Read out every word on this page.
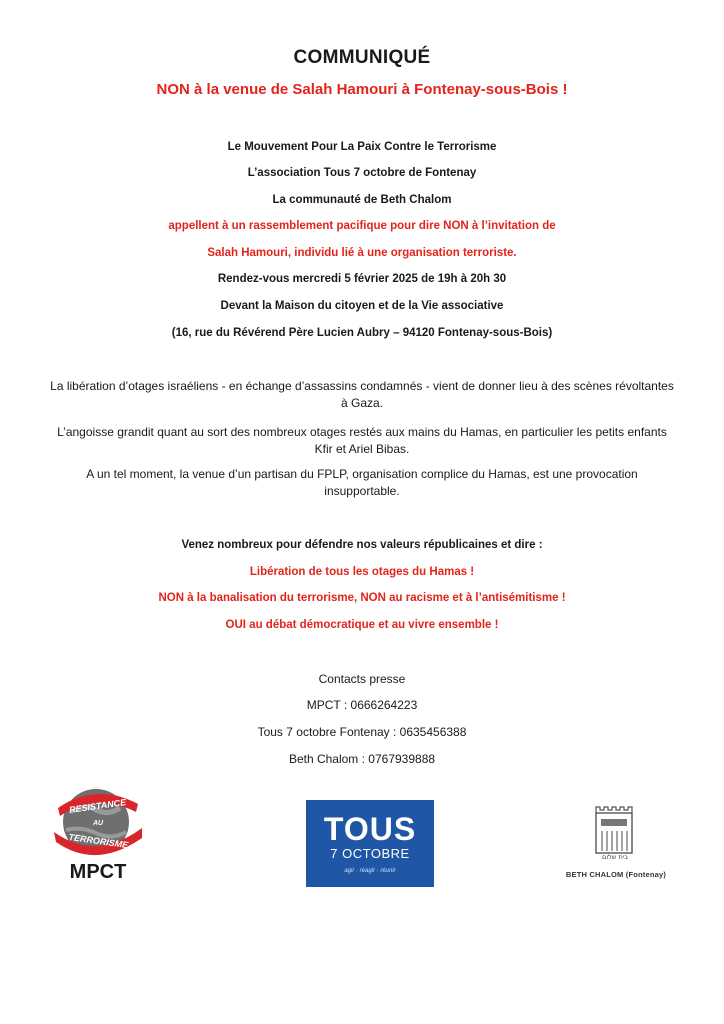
COMMUNIQUÉ
NON à la venue de Salah Hamouri à Fontenay-sous-Bois !
Le Mouvement Pour La Paix Contre le Terrorisme
L’association Tous 7 octobre de Fontenay
La communauté de Beth Chalom
appellent à un rassemblement pacifique pour dire NON à l’invitation de
Salah Hamouri, individu lié à une organisation terroriste.
Rendez-vous mercredi 5 février 2025 de 19h à 20h 30
Devant la Maison du citoyen et de la Vie associative
(16, rue du Révérend Père Lucien Aubry – 94120 Fontenay-sous-Bois)
La libération d’otages israéliens - en échange d’assassins condamnés - vient de donner lieu à des scènes révoltantes à Gaza.
L’angoisse grandit quant au sort des nombreux otages restés aux mains du Hamas, en particulier les petits enfants Kfir et Ariel Bibas.
A un tel moment, la venue d’un partisan du FPLP, organisation complice du Hamas, est une provocation insupportable.
Venez nombreux pour défendre nos valeurs républicaines et dire :
Libération de tous les otages du Hamas !
NON à la banalisation du terrorisme, NON au racisme et à l’antisémitisme !
OUI au débat démocratique et au vivre ensemble !
Contacts presse
MPCT : 0666264223
Tous 7 octobre Fontenay : 0635456388
Beth Chalom : 0767939888
RESISTANCE
AU
TERRORISME
MPCT
TOUS
7 OCTOBRE
agir · réagir · réunir
בית שלום
BETH CHALOM (Fontenay)
